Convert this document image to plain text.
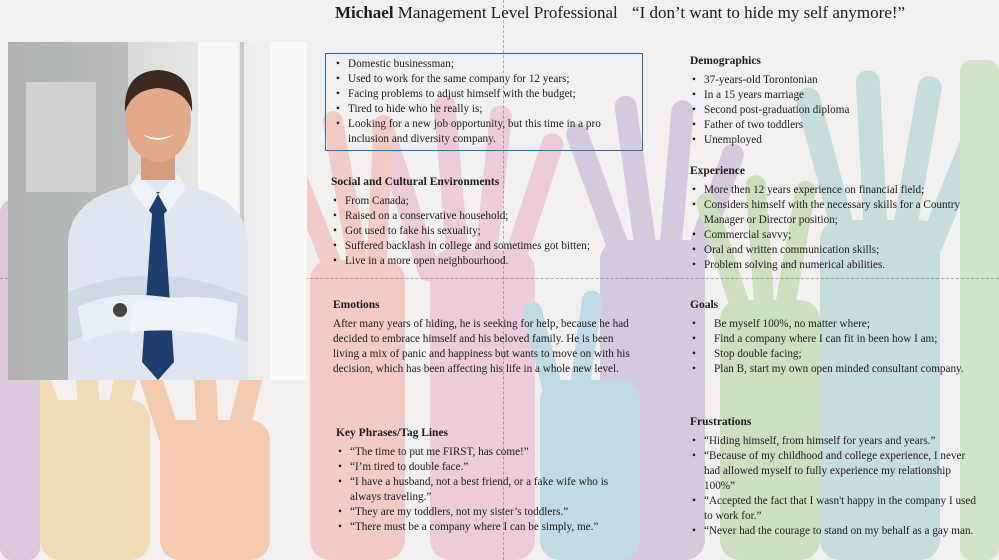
Michael Management Level Professional “I don’t want to hide my self anymore!”
• Domestic businessman;
• Used to work for the same company for 12 years;
• Facing problems to adjust himself with the budget;
• Tired to hide who he really is;
• Looking for a new job opportunity, but this time in a pro inclusion and diversity company.
Social and Cultural Environments
• From Canada;
• Raised on a conservative household;
• Got used to fake his sexuality;
• Suffered backlash in college and sometimes got bitten;
• Live in a more open neighbourhood.
Emotions

After many years of hiding, he is seeking for help, because he had decided to embrace himself and his beloved family. He is been living a mix of panic and happiness but wants to move on with his decision, which has been affecting his life in a whole new level.

Key Phrases/Tag Lines
• “The time to put me FIRST, has come!”
• “I’m tired to double face.”
• “I have a husband, not a best friend, or a fake wife who is always traveling.”
• “They are my toddlers, not my sister’s toddlers.”
• “There must be a company where I can be simply, me.”
Demographics
• 37-years-old Torontonian
• In a 15 years marriage
• Second post-graduation diploma
• Father of two toddlers
• Unemployed
Experience
• More then 12 years experience on financial field;
• Considers himself with the necessary skills for a Country Manager or Director position;
• Commercial savvy;
• Oral and written communication skills;
• Problem solving and numerical abilities.
Goals
• Be myself 100%, no matter where;
• Find a company where I can fit in been how I am;
• Stop double facing;
• Plan B, start my own open minded consultant company.
Frustrations
• “Hiding himself, from himself for years and years.”
• “Because of my childhood and college experience, I never had allowed myself to fully experience my relationship 100%”
• “Accepted the fact that I wasn't happy in the company I used to work for.”
• “Never had the courage to stand on my behalf as a gay man.
